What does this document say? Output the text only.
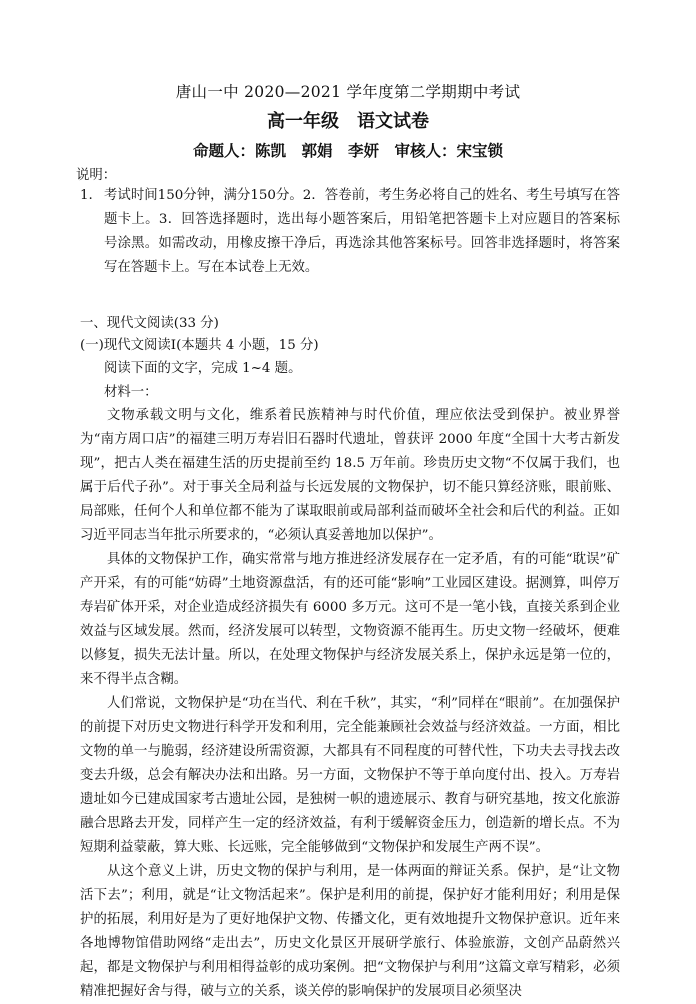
唐山一中 2020—2021 学年度第二学期期中考试
高一年级　语文试卷
命题人：陈凯　郭娟　李妍　审核人：宋宝锁
说明：
1. 考试时间150分钟，满分150分。2．答卷前，考生务必将自己的姓名、考生号填写在答题卡上。3．回答选择题时，选出每小题答案后，用铅笔把答题卡上对应题目的答案标号涂黑。如需改动，用橡皮擦干净后，再选涂其他答案标号。回答非选择题时，将答案写在答题卡上。写在本试卷上无效。
一、现代文阅读(33 分)
(一)现代文阅读Ⅰ(本题共 4 小题，15 分)
阅读下面的文字，完成 1~4 题。
材料一：

文物承载文明与文化，维系着民族精神与时代价值，理应依法受到保护。被业界誉为“南方周口店”的福建三明万寿岩旧石器时代遗址，曾获评 2000 年度“全国十大考古新发现”，把古人类在福建生活的历史提前至约 18.5 万年前。珍贵历史文物“不仅属于我们，也属于后代子孙”。对于事关全局利益与长远发展的文物保护，切不能只算经济账，眼前账、局部账，任何个人和单位都不能为了谋取眼前或局部利益而破坏全社会和后代的利益。正如习近平同志当年批示所要求的，“必须认真妥善地加以保护”。

具体的文物保护工作，确实常常与地方推进经济发展存在一定矛盾，有的可能“耽误”矿产开采，有的可能“妨碍”土地资源盘活，有的还可能“影响”工业园区建设。据测算，叫停万寿岩矿体开采，对企业造成经济损失有 6000 多万元。这可不是一笔小钱，直接关系到企业效益与区域发展。然而，经济发展可以转型，文物资源不能再生。历史文物一经破坏，便难以修复，损失无法计量。所以，在处理文物保护与经济发展关系上，保护永远是第一位的，来不得半点含糊。

人们常说，文物保护是“功在当代、利在千秋”，其实，“利”同样在“眼前”。在加强保护的前提下对历史文物进行科学开发和利用，完全能兼顾社会效益与经济效益。一方面，相比文物的单一与脆弱，经济建设所需资源，大都具有不同程度的可替代性，下功夫去寻找去改变去升级，总会有解决办法和出路。另一方面，文物保护不等于单向度付出、投入。万寿岩遗址如今已建成国家考古遗址公园，是独树一帜的遗迹展示、教育与研究基地，按文化旅游融合思路去开发，同样产生一定的经济效益，有利于缓解资金压力，创造新的增长点。不为短期利益蒙蔽，算大账、长远账，完全能够做到“文物保护和发展生产两不误”。

从这个意义上讲，历史文物的保护与利用，是一体两面的辩证关系。保护，是“让文物活下去”；利用，就是“让文物活起来”。保护是利用的前提，保护好才能利用好；利用是保护的拓展，利用好是为了更好地保护文物、传播文化，更有效地提升文物保护意识。近年来各地博物馆借助网络“走出去”，历史文化景区开展研学旅行、体验旅游，文创产品蔚然兴起，都是文物保护与利用相得益彰的成功案例。把“文物保护与利用”这篇文章写精彩，必须精准把握好舍与得，破与立的关系，谈关停的影响保护的发展项目必须坚决
